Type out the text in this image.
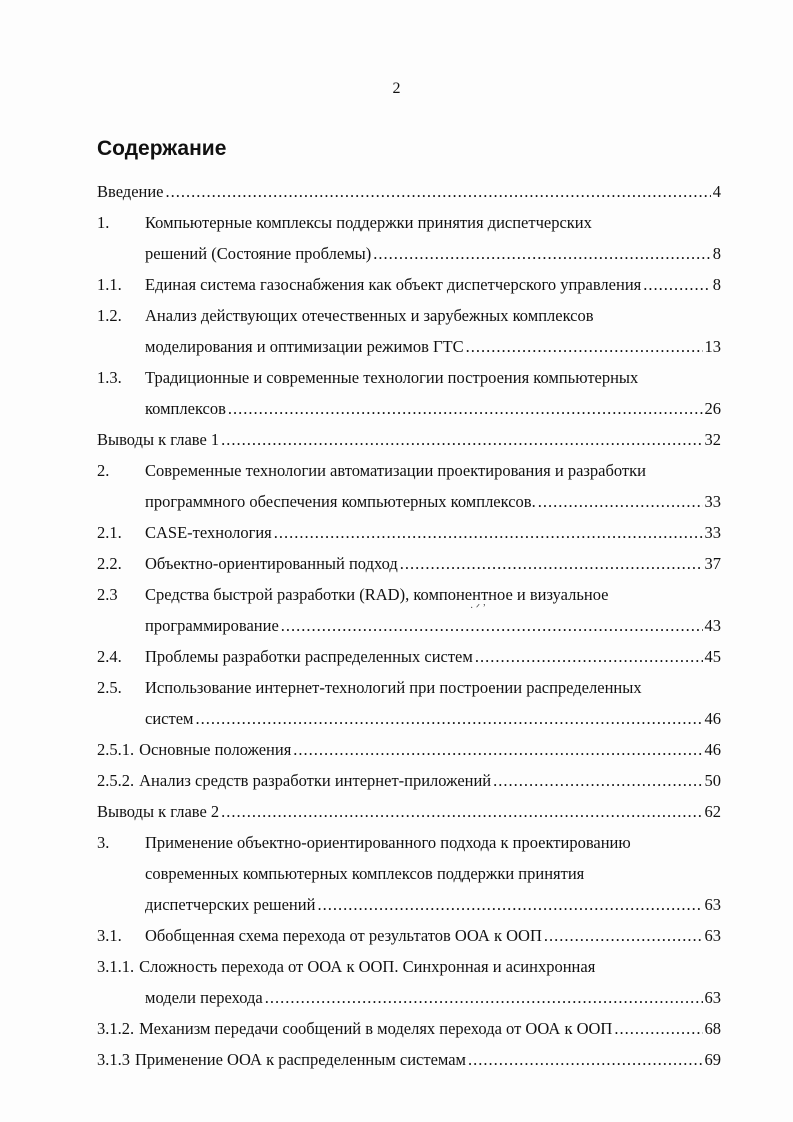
2
Содержание
Введение .....	4
1.	Компьютерные комплексы поддержки принятия диспетчерских
решений (Состояние проблемы) .....	8
1.1.	Единая система газоснабжения как объект диспетчерского управления .....	8
1.2.	Анализ действующих отечественных и зарубежных комплексов
моделирования и оптимизации режимов ГТС .....	13
1.3.	Традиционные и современные технологии построения компьютерных
комплексов .....	26
Выводы к главе 1 .....	32
2.	Современные технологии автоматизации проектирования и разработки
программного обеспечения компьютерных комплексов. .....	33
2.1.	CASE-технология .....	33
2.2.	Объектно-ориентированный подход .....	37
2.3	Средства быстрой разработки (RAD), компонентное и визуальное
программирование .....	43
2.4.	Проблемы разработки распределенных систем .....	45
2.5.	Использование интернет-технологий при построении распределенных
систем .....	46
2.5.1. Основные положения .....	46
2.5.2. Анализ средств разработки интернет-приложений .....	50
Выводы к главе 2 .....	62
3.	Применение объектно-ориентированного подхода к проектированию
современных компьютерных комплексов поддержки принятия
диспетчерских решений .....	63
3.1.	Обобщенная схема перехода от результатов ООА к ООП .....	63
3.1.1. Сложность перехода от ООА к ООП. Синхронная и асинхронная
модели перехода .....	63
3.1.2. Механизм передачи сообщений в моделях перехода от ООА к ООП .....	68
3.1.3 Применение ООА к распределенным системам .....	69
· ᐟ ʼ
